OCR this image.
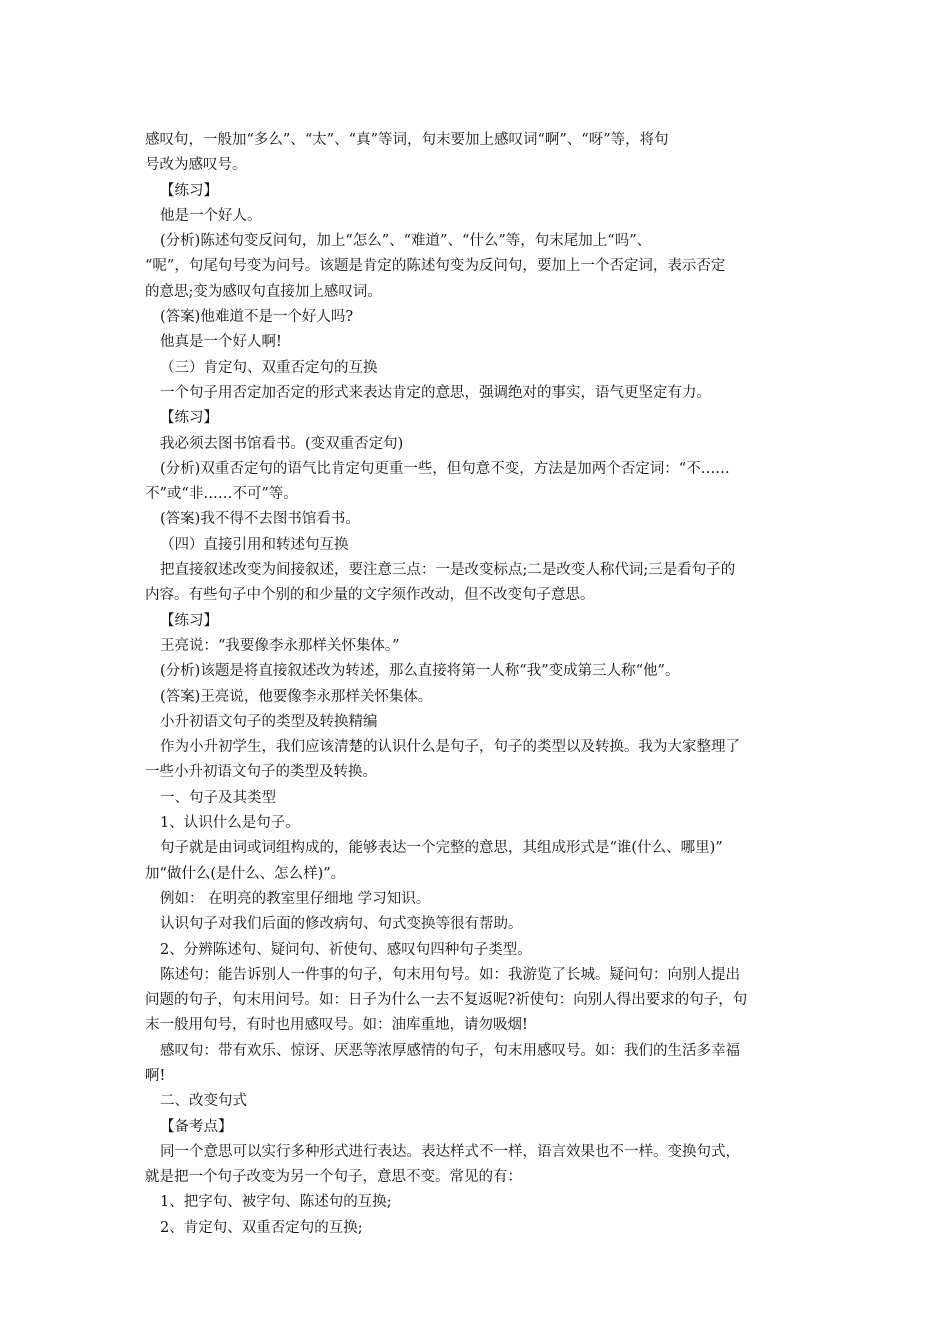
感叹句，一般加“多么”、“太”、“真”等词，句末要加上感叹词“啊”、“呀”等，将句
号改为感叹号。
【练习】
他是一个好人。
(分析)陈述句变反问句，加上“怎么”、“难道”、“什么”等，句末尾加上“吗”、
“呢”，句尾句号变为问号。该题是肯定的陈述句变为反问句，要加上一个否定词，表示否定
的意思;变为感叹句直接加上感叹词。
(答案)他难道不是一个好人吗?
他真是一个好人啊!
（三）肯定句、双重否定句的互换
一个句子用否定加否定的形式来表达肯定的意思，强调绝对的事实，语气更坚定有力。
【练习】
我必须去图书馆看书。(变双重否定句)
(分析)双重否定句的语气比肯定句更重一些，但句意不变，方法是加两个否定词：“不……
不”或“非……不可”等。
(答案)我不得不去图书馆看书。
（四）直接引用和转述句互换
把直接叙述改变为间接叙述，要注意三点：一是改变标点;二是改变人称代词;三是看句子的
内容。有些句子中个别的和少量的文字须作改动，但不改变句子意思。
【练习】
王亮说：“我要像李永那样关怀集体。”
(分析)该题是将直接叙述改为转述，那么直接将第一人称“我”变成第三人称“他”。
(答案)王亮说，他要像李永那样关怀集体。
小升初语文句子的类型及转换精编
作为小升初学生，我们应该清楚的认识什么是句子，句子的类型以及转换。我为大家整理了
一些小升初语文句子的类型及转换。
一、句子及其类型
1、认识什么是句子。
句子就是由词或词组构成的，能够表达一个完整的意思，其组成形式是“谁(什么、哪里)”
加“做什么(是什么、怎么样)”。
例如： 在明亮的教室里仔细地 学习知识。
认识句子对我们后面的修改病句、句式变换等很有帮助。
2、分辨陈述句、疑问句、祈使句、感叹句四种句子类型。
陈述句：能告诉别人一件事的句子，句末用句号。如：我游览了长城。疑问句：向别人提出
问题的句子，句末用问号。如：日子为什么一去不复返呢?祈使句：向别人得出要求的句子，句
末一般用句号，有时也用感叹号。如：油库重地，请勿吸烟!
感叹句：带有欢乐、惊讶、厌恶等浓厚感情的句子，句末用感叹号。如：我们的生活多幸福
啊!
二、改变句式
【备考点】
同一个意思可以实行多种形式进行表达。表达样式不一样，语言效果也不一样。变换句式，
就是把一个句子改变为另一个句子，意思不变。常见的有：
1、把字句、被字句、陈述句的互换;
2、肯定句、双重否定句的互换;
